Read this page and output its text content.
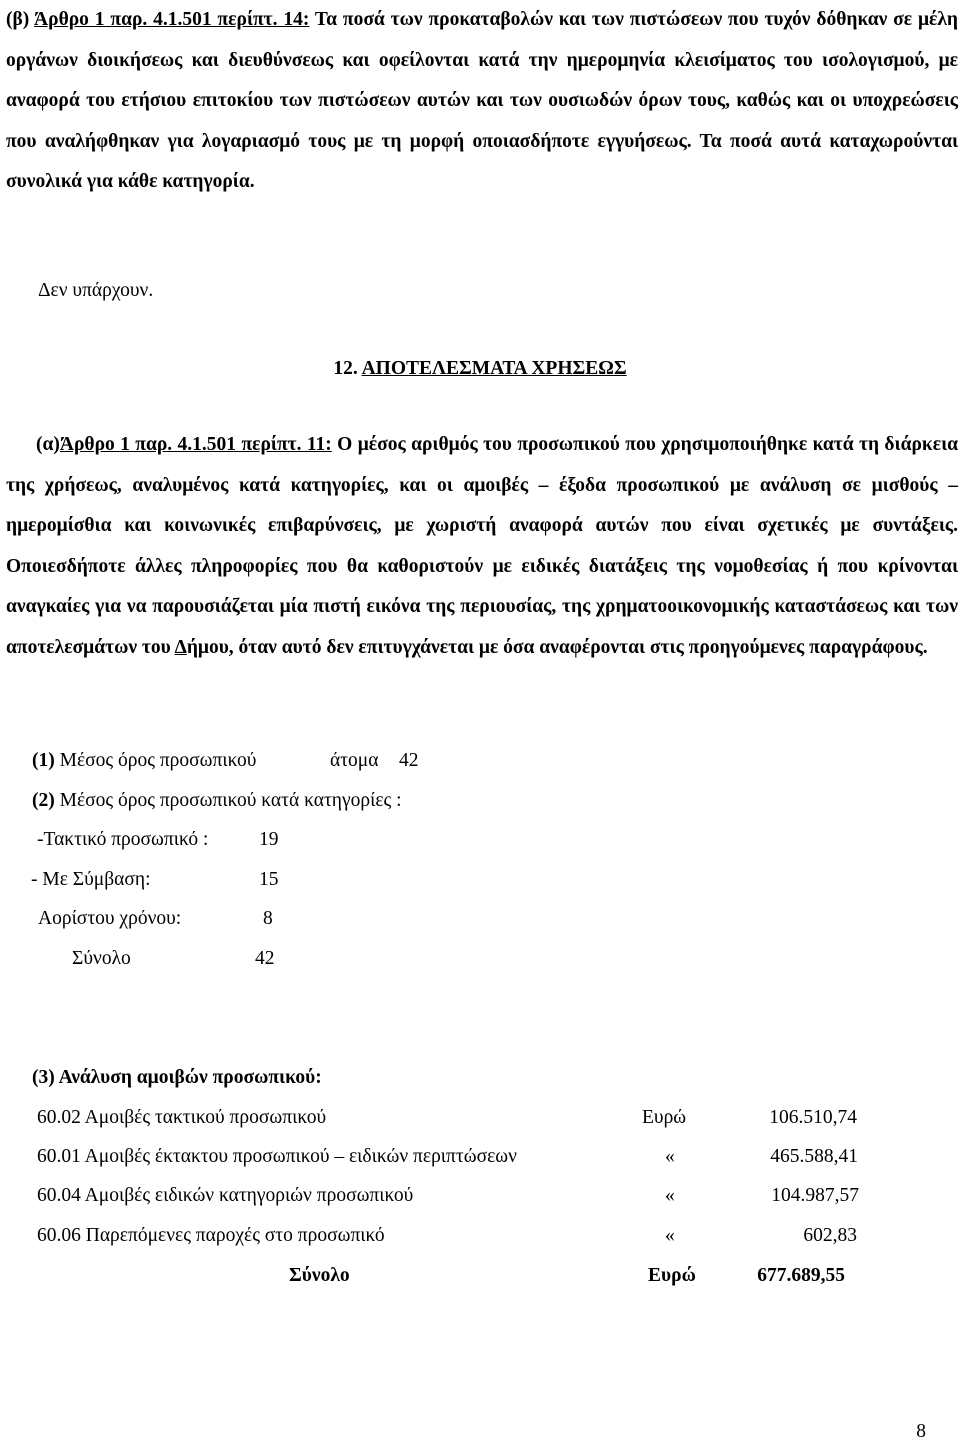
(β) Άρθρο 1 παρ. 4.1.501 περίπτ. 14: Τα ποσά των προκαταβολών και των πιστώσεων που τυχόν δόθηκαν σε μέλη οργάνων διοικήσεως και διευθύνσεως και οφείλονται κατά την ημερομηνία κλεισίματος του ισολογισμού, με αναφορά του ετήσιου επιτοκίου των πιστώσεων αυτών και των ουσιωδών όρων τους, καθώς και οι υποχρεώσεις που αναλήφθηκαν για λογαριασμό τους με τη μορφή οποιασδήποτε εγγυήσεως. Τα ποσά αυτά καταχωρούνται συνολικά για κάθε κατηγορία.

Δεν υπάρχουν.
12. ΑΠΟΤΕΛΕΣΜΑΤΑ ΧΡΗΣΕΩΣ

(α)Άρθρο 1 παρ. 4.1.501 περίπτ. 11: Ο μέσος αριθμός του προσωπικού που χρησιμοποιήθηκε κατά τη διάρκεια της χρήσεως, αναλυμένος κατά κατηγορίες, και οι αμοιβές – έξοδα προσωπικού με ανάλυση σε μισθούς – ημερομίσθια και κοινωνικές επιβαρύνσεις, με χωριστή αναφορά αυτών που είναι σχετικές με συντάξεις. Οποιεσδήποτε άλλες πληροφορίες που θα καθοριστούν με ειδικές διατάξεις της νομοθεσίας ή που κρίνονται αναγκαίες για να παρουσιάζεται μία πιστή εικόνα της περιουσίας, της χρηματοοικονομικής καταστάσεως και των αποτελεσμάτων του Δήμου, όταν αυτό δεν επιτυγχάνεται με όσα αναφέρονται στις προηγούμενες παραγράφους.

(1) Μέσος όρος προσωπικού	άτομα 42
(2) Μέσος όρος προσωπικού κατά κατηγορίες :
-Τακτικό προσωπικό :	19
- Με Σύμβαση:	15
Αορίστου χρόνου:	8
Σύνολο	42
(3) Ανάλυση αμοιβών προσωπικού:
60.02 Αμοιβές τακτικού προσωπικού	Ευρώ	106.510,74
60.01 Αμοιβές έκτακτου προσωπικού – ειδικών περιπτώσεων	«	465.588,41
60.04 Αμοιβές ειδικών κατηγοριών προσωπικού	«	104.987,57
60.06 Παρεπόμενες παροχές στο προσωπικό	«	602,83
Σύνολο	Ευρώ	677.689,55
8
